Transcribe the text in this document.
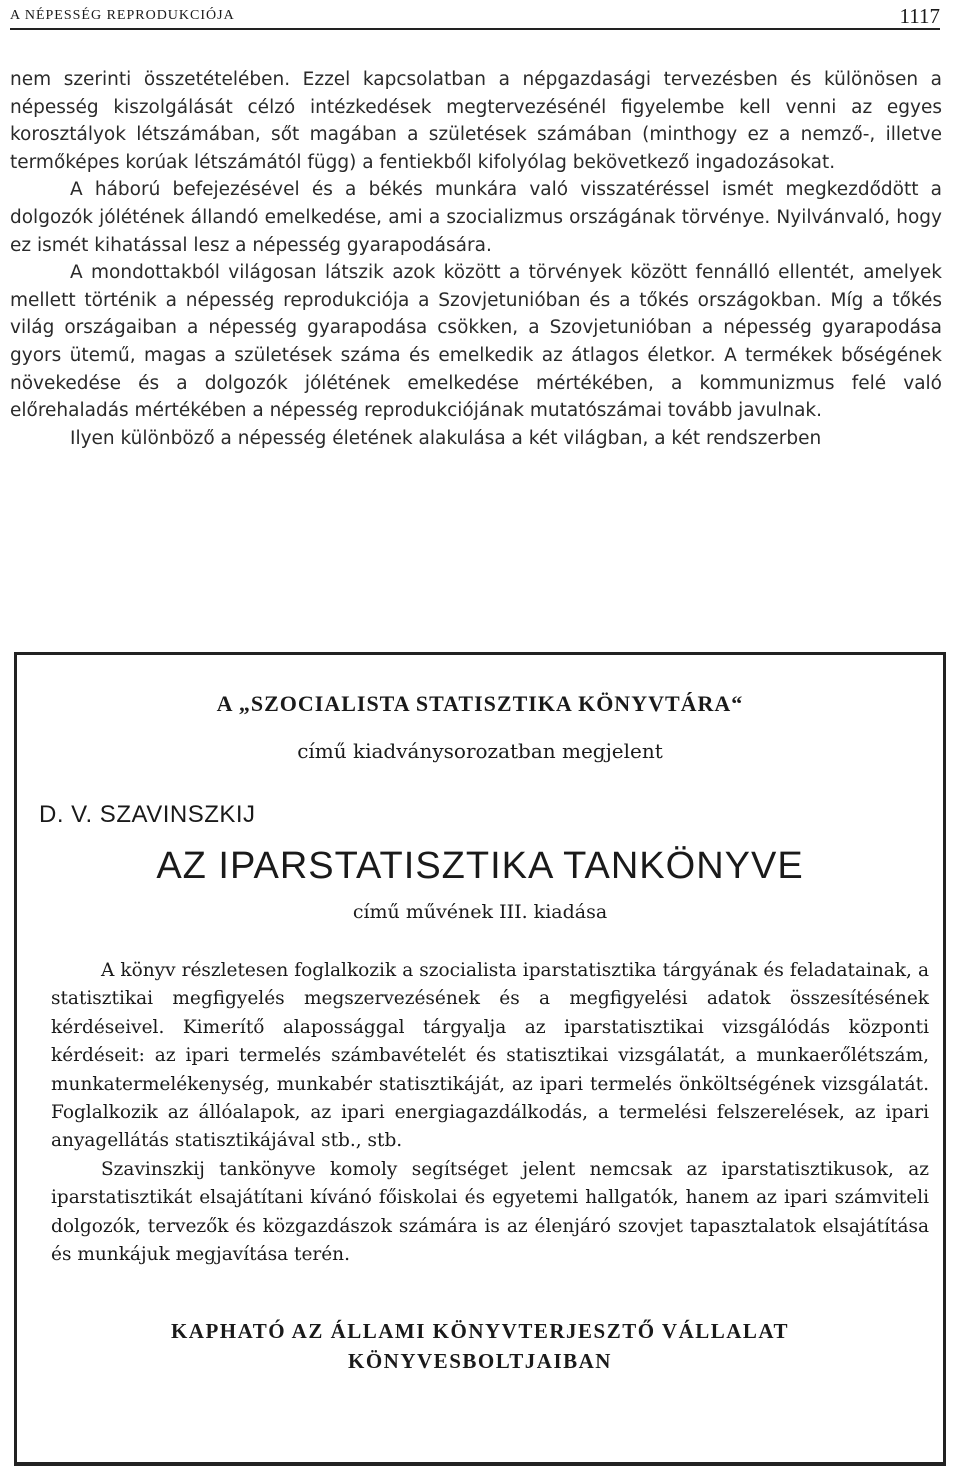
A NÉPESSÉG REPRODUKCIÓJA	1117

nem szerinti összetételében. Ezzel kapcsolatban a népgazdasági tervezésben és különösen a népesség kiszolgálását célzó intézkedések megtervezésénél figyelembe kell venni az egyes korosztályok létszámában, sőt magában a születések számában (minthogy ez a nemző-, illetve termőképes korúak létszámától függ) a fentiekből kifolyólag bekövetkező ingadozásokat.

A háború befejezésével és a békés munkára való visszatéréssel ismét megkezdődött a dolgozók jólétének állandó emelkedése, ami a szocializmus országának törvénye. Nyilvánvaló, hogy ez ismét kihatással lesz a népesség gyarapodására.

A mondottakból világosan látszik azok között a törvények között fennálló ellentét, amelyek mellett történik a népesség reprodukciója a Szovjetunióban és a tőkés országokban. Míg a tőkés világ országaiban a népesség gyarapodása csökken, a Szovjetunióban a népesség gyarapodása gyors ütemű, magas a születések száma és emelkedik az átlagos életkor. A termékek bőségének növekedése és a dolgozók jólétének emelkedése mértékében, a kommunizmus felé való előrehaladás mértékében a népesség reprodukciójának mutatószámai tovább javulnak.

Ilyen különböző a népesség életének alakulása a két világban, a két rendszerben

A „SZOCIALISTA STATISZTIKA KÖNYVTÁRA“
című kiadványsorozatban megjelent
D. V. SZAVINSZKIJ
AZ IPARSTATISZTIKA TANKÖNYVE
című művének III. kiadása

A könyv részletesen foglalkozik a szocialista iparstatisztika tárgyának és feladatainak, a statisztikai megfigyelés megszervezésének és a megfigyelési adatok összesítésének kérdéseivel. Kimerítő alapossággal tárgyalja az iparstatisztikai vizsgálódás központi kérdéseit: az ipari termelés számbavételét és statisztikai vizsgálatát, a munkaerőlétszám, munkatermelékenység, munkabér statisztikáját, az ipari termelés önköltségének vizsgálatát. Foglalkozik az állóalapok, az ipari energiagazdálkodás, a termelési felszerelések, az ipari anyagellátás statisztikájával stb., stb.

Szavinszkij tankönyve komoly segítséget jelent nemcsak az iparstatisztikusok, az iparstatisztikát elsajátítani kívánó főiskolai és egyetemi hallgatók, hanem az ipari számviteli dolgozók, tervezők és közgazdászok számára is az élenjáró szovjet tapasztalatok elsajátítása és munkájuk megjavítása terén.

KAPHATÓ AZ ÁLLAMI KÖNYVTERJESZTŐ VÁLLALAT
KÖNYVESBOLTJAIBAN
